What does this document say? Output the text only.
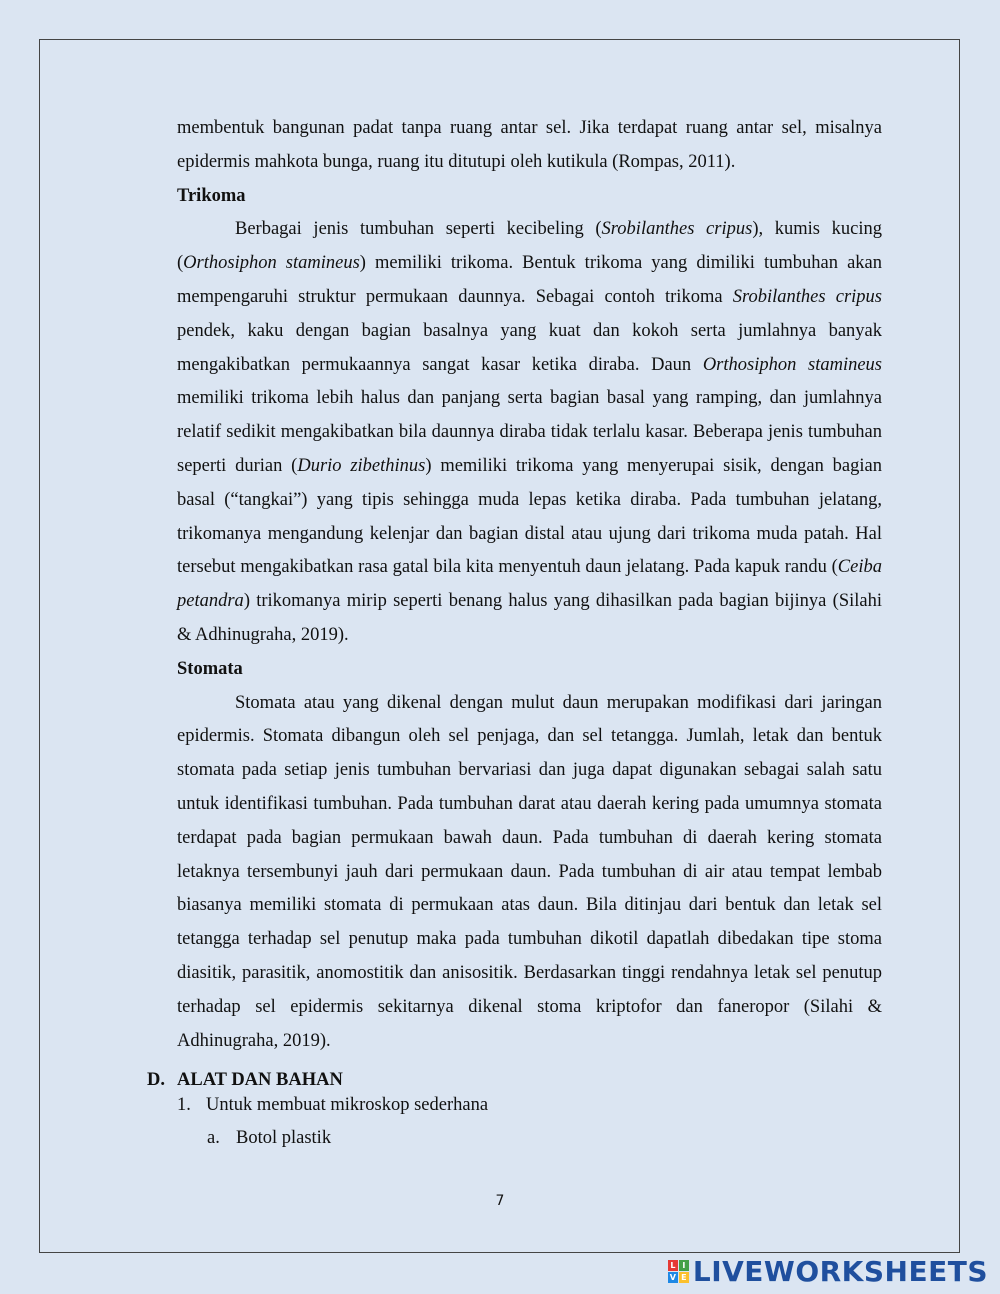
membentuk bangunan padat tanpa ruang antar sel. Jika terdapat ruang antar sel, misalnya epidermis mahkota bunga, ruang itu ditutupi oleh kutikula (Rompas, 2011).

Trikoma

Berbagai jenis tumbuhan seperti kecibeling (Srobilanthes cripus), kumis kucing (Orthosiphon stamineus) memiliki trikoma. Bentuk trikoma yang dimiliki tumbuhan akan mempengaruhi struktur permukaan daunnya. Sebagai contoh trikoma Srobilanthes cripus pendek, kaku dengan bagian basalnya yang kuat dan kokoh serta jumlahnya banyak mengakibatkan permukaannya sangat kasar ketika diraba. Daun Orthosiphon stamineus memiliki trikoma lebih halus dan panjang serta bagian basal yang ramping, dan jumlahnya relatif sedikit mengakibatkan bila daunnya diraba tidak terlalu kasar. Beberapa jenis tumbuhan seperti durian (Durio zibethinus) memiliki trikoma yang menyerupai sisik, dengan bagian basal (“tangkai”) yang tipis sehingga muda lepas ketika diraba. Pada tumbuhan jelatang, trikomanya mengandung kelenjar dan bagian distal atau ujung dari trikoma muda patah. Hal tersebut mengakibatkan rasa gatal bila kita menyentuh daun jelatang. Pada kapuk randu (Ceiba petandra) trikomanya mirip seperti benang halus yang dihasilkan pada bagian bijinya (Silahi & Adhinugraha, 2019).

Stomata

Stomata atau yang dikenal dengan mulut daun merupakan modifikasi dari jaringan epidermis. Stomata dibangun oleh sel penjaga, dan sel tetangga. Jumlah, letak dan bentuk stomata pada setiap jenis tumbuhan bervariasi dan juga dapat digunakan sebagai salah satu untuk identifikasi tumbuhan. Pada tumbuhan darat atau daerah kering pada umumnya stomata terdapat pada bagian permukaan bawah daun. Pada tumbuhan di daerah kering stomata letaknya tersembunyi jauh dari permukaan daun. Pada tumbuhan di air atau tempat lembab biasanya memiliki stomata di permukaan atas daun. Bila ditinjau dari bentuk dan letak sel tetangga terhadap sel penutup maka pada tumbuhan dikotil dapatlah dibedakan tipe stoma diasitik, parasitik, anomostitik dan anisositik. Berdasarkan tinggi rendahnya letak sel penutup terhadap sel epidermis sekitarnya dikenal stoma kriptofor dan faneropor (Silahi & Adhinugraha, 2019).

D. ALAT DAN BAHAN
1. Untuk membuat mikroskop sederhana
a. Botol plastik
7
L I
V E LIVEWORKSHEETS
